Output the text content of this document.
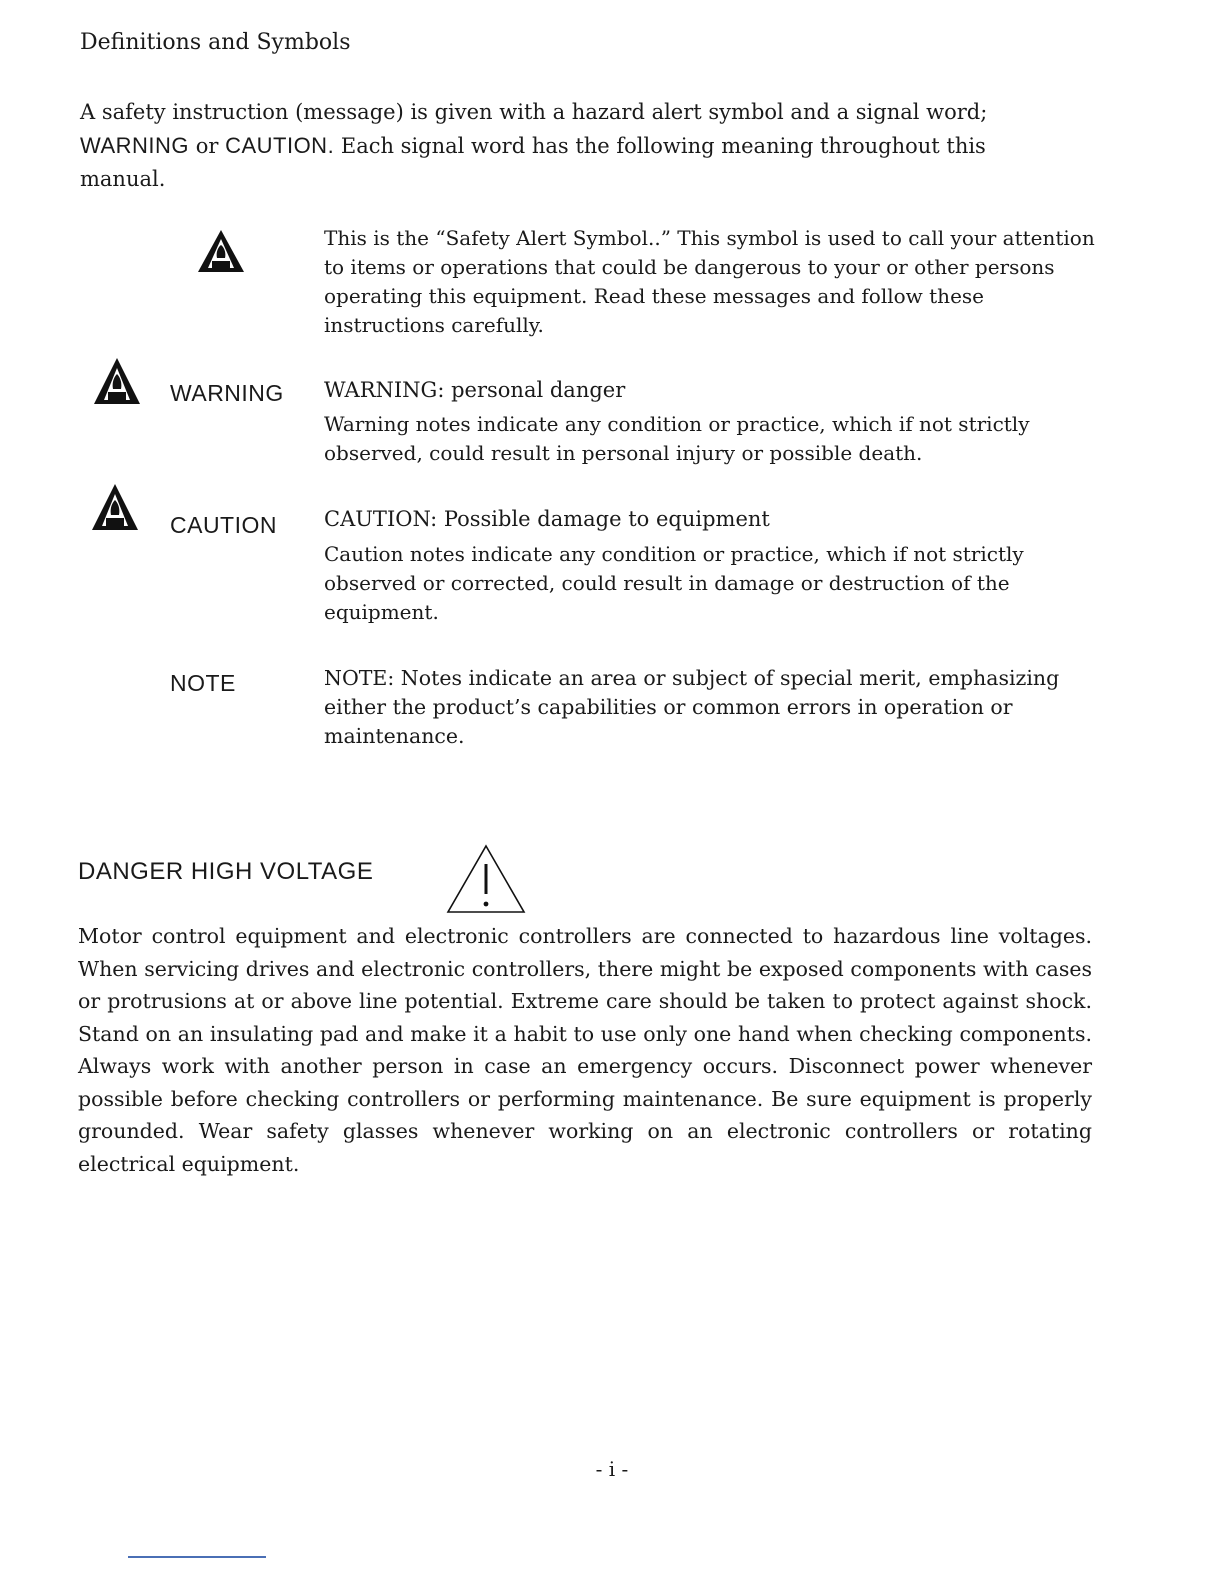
Definitions and Symbols
A safety instruction (message) is given with a hazard alert symbol and a signal word;
WARNING or CAUTION. Each signal word has the following meaning throughout this manual.
This is the “Safety Alert Symbol..” This symbol is used to call your attention to items or operations that could be dangerous to your or other persons operating this equipment. Read these messages and follow these instructions carefully.
WARNING WARNING: personal danger
Warning notes indicate any condition or practice, which if not strictly observed, could result in personal injury or possible death.
CAUTION CAUTION: Possible damage to equipment
Caution notes indicate any condition or practice, which if not strictly observed or corrected, could result in damage or destruction of the equipment.
NOTE	NOTE: Notes indicate an area or subject of special merit, emphasizing either the product’s capabilities or common errors in operation or maintenance.
DANGER HIGH VOLTAGE
Motor control equipment and electronic controllers are connected to hazardous line voltages. When servicing drives and electronic controllers, there might be exposed components with cases or protrusions at or above line potential. Extreme care should be taken to protect against shock. Stand on an insulating pad and make it a habit to use only one hand when checking components. Always work with another person in case an emergency occurs. Disconnect power whenever possible before checking controllers or performing maintenance. Be sure equipment is properly grounded. Wear safety glasses whenever working on an electronic controllers or rotating electrical equipment.
- i -
